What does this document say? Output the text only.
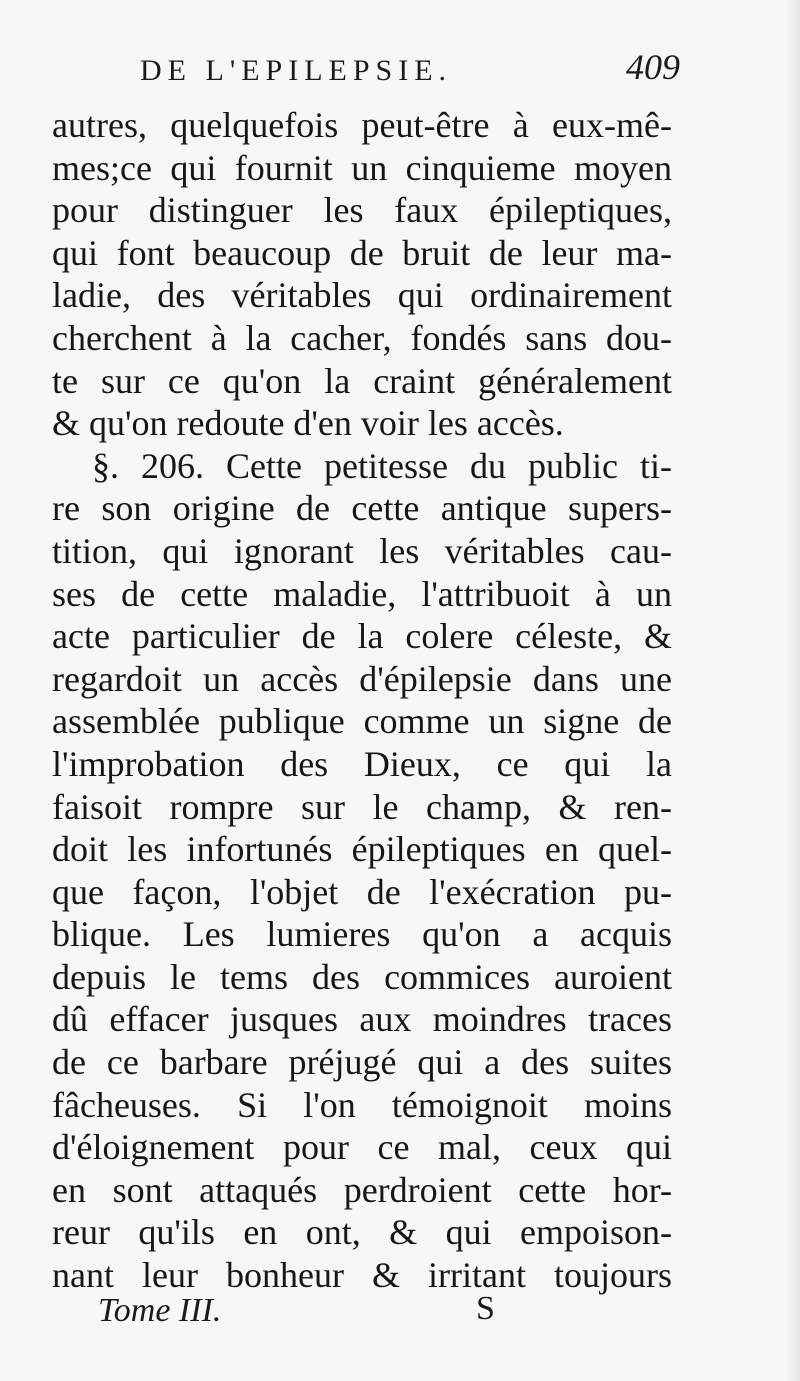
DE L'EPILEPSIE.	409
autres, quelquefois peut-être à eux-mê-
mes;ce qui fournit un cinquieme moyen
pour distinguer les faux épileptiques,
qui font beaucoup de bruit de leur ma-
ladie, des véritables qui ordinairement
cherchent à la cacher, fondés sans dou-
te sur ce qu'on la craint généralement
& qu'on redoute d'en voir les accès.
§. 206. Cette petitesse du public ti-
re son origine de cette antique supers-
tition, qui ignorant les véritables cau-
ses de cette maladie, l'attribuoit à un
acte particulier de la colere céleste, &
regardoit un accès d'épilepsie dans une
assemblée publique comme un signe de
l'improbation des Dieux, ce qui la
faisoit rompre sur le champ, & ren-
doit les infortunés épileptiques en quel-
que façon, l'objet de l'exécration pu-
blique. Les lumieres qu'on a acquis
depuis le tems des commices auroient
dû effacer jusques aux moindres traces
de ce barbare préjugé qui a des suites
fâcheuses. Si l'on témoignoit moins
d'éloignement pour ce mal, ceux qui
en sont attaqués perdroient cette hor-
reur qu'ils en ont, & qui empoison-
nant leur bonheur & irritant toujours
Tome III.	S
